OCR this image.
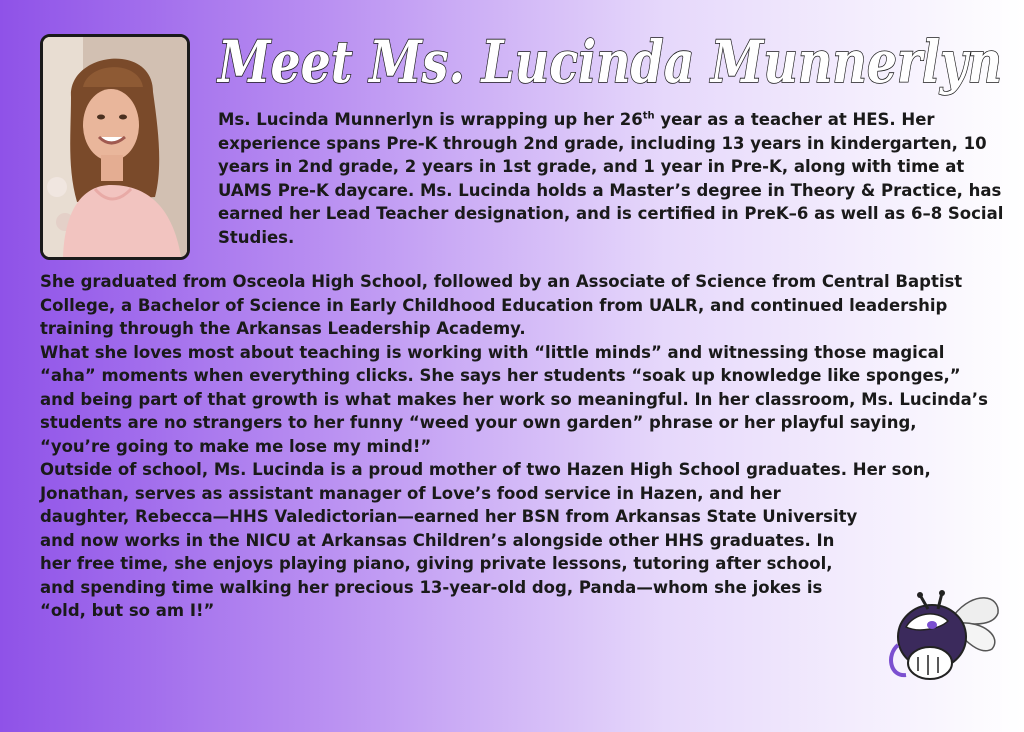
Meet Ms. Lucinda Munnerlyn

Ms. Lucinda Munnerlyn is wrapping up her 26th year as a teacher at HES. Her experience spans Pre-K through 2nd grade, including 13 years in kindergarten, 10 years in 2nd grade, 2 years in 1st grade, and 1 year in Pre-K, along with time at UAMS Pre-K daycare. Ms. Lucinda holds a Master’s degree in Theory & Practice, has earned her Lead Teacher designation, and is certified in PreK–6 as well as 6–8 Social Studies.

She graduated from Osceola High School, followed by an Associate of Science from Central Baptist College, a Bachelor of Science in Early Childhood Education from UALR, and continued leadership training through the Arkansas Leadership Academy.

What she loves most about teaching is working with “little minds” and witnessing those magical “aha” moments when everything clicks. She says her students “soak up knowledge like sponges,” and being part of that growth is what makes her work so meaningful. In her classroom, Ms. Lucinda’s students are no strangers to her funny “weed your own garden” phrase or her playful saying, “you’re going to make me lose my mind!”

Outside of school, Ms. Lucinda is a proud mother of two Hazen High School graduates. Her son, Jonathan, serves as assistant manager of Love’s food service in Hazen, and her

daughter, Rebecca—HHS Valedictorian—earned her BSN from Arkansas State University and now works in the NICU at Arkansas Children’s alongside other HHS graduates. In her free time, she enjoys playing piano, giving private lessons, tutoring after school, and spending time walking her precious 13-year-old dog, Panda—whom she jokes is “old, but so am I!”
